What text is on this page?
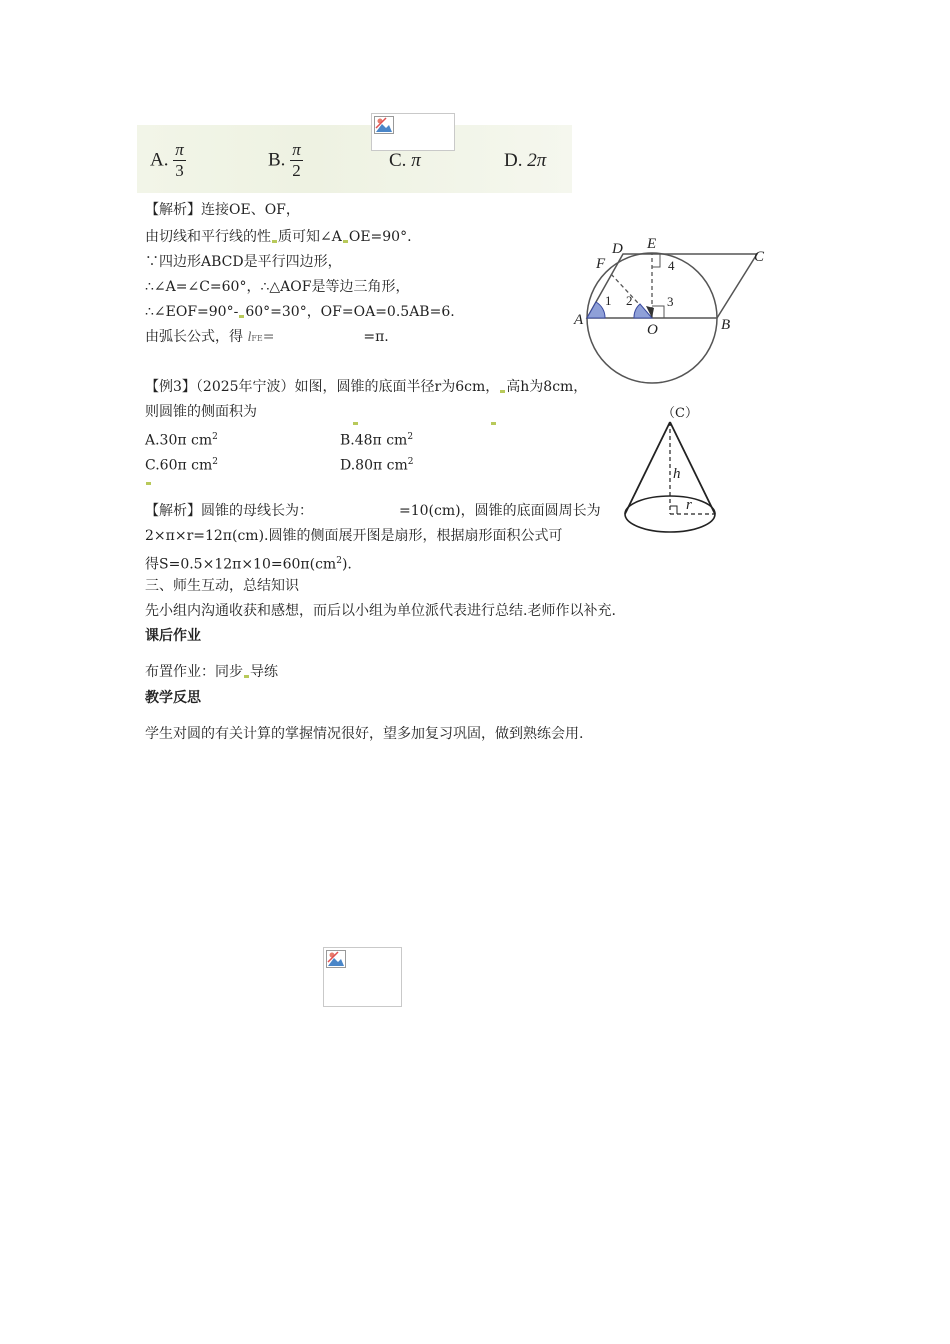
A. $\frac{\pi}{3}$	B. $\frac{\pi}{2}$	C. π	D. 2π
【解析】连接OE、OF，
由切线和平行线的性 质可知∠A OE=90°.
∵四边形ABCD是平行四边形，
∴∠A=∠C=60°，∴△AOF是等边三角形，
∴∠EOF=90°- 60°=30°，OF=OA=0.5AB=6.
由弧长公式，得 lFE=	=π.
D E
C
F
A	B
O
1 2	3
4
【例3】（2025年宁波）如图，圆锥的底面半径r为6cm， 高h为8cm，
则圆锥的侧面积为	（C）
A.30π $cm^2$	B.48π $cm^2$
C.60π $cm^2$	D.80π $cm^2$
h
r
【解析】圆锥的母线长为：	=10(cm)，圆锥的底面圆周长为
2×π×r=12π(cm).圆锥的侧面展开图是扇形，根据扇形面积公式可
得$S=0.5\times 12\pi\times 10=60\pi(cm^2)$.
三、师生互动，总结知识
先小组内沟通收获和感想，而后以小组为单位派代表进行总结.老师作以补充.
课后作业
布置作业：同步 导练
教学反思
学生对圆的有关计算的掌握情况很好，望多加复习巩固，做到熟练会用.
